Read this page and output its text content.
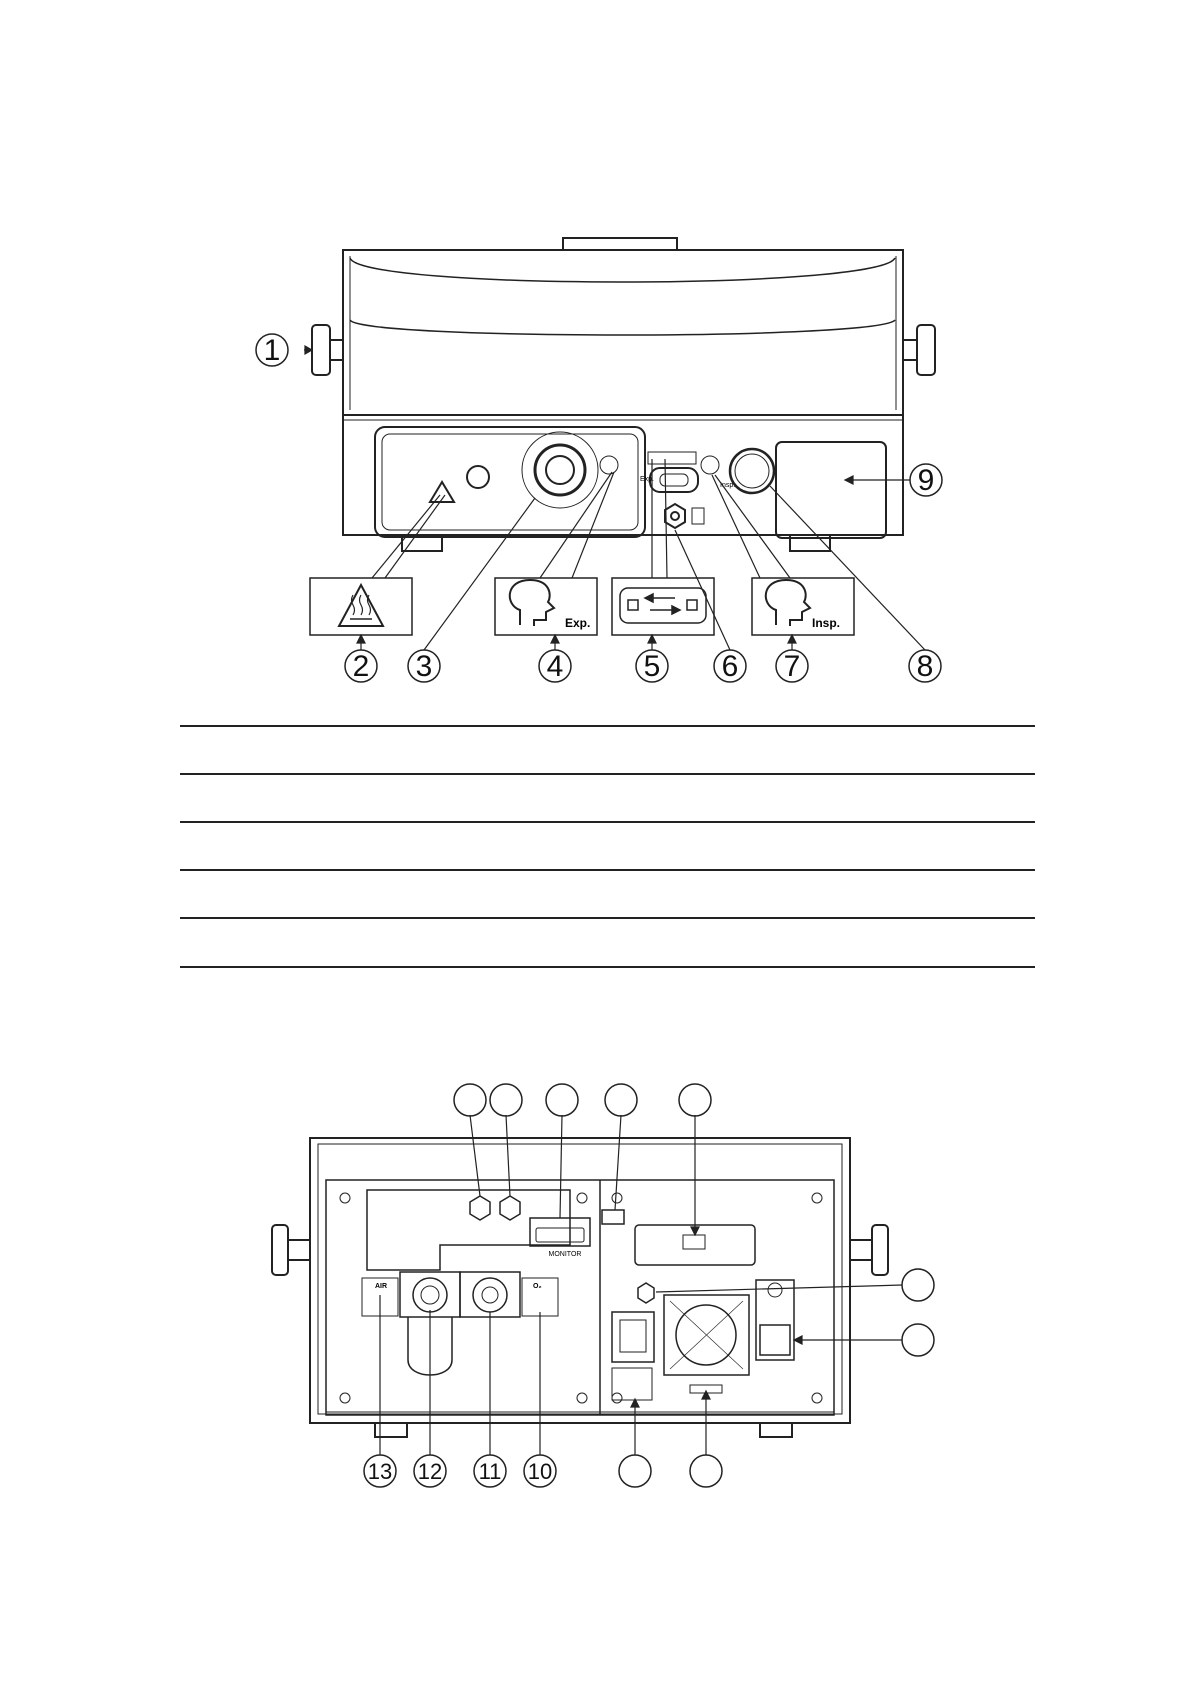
Exp.
Insp.
Exp.	Insp.
1
2 3	4	5 6 7	8
9
MONITOR
AIR	O₂
13 12 11 10
